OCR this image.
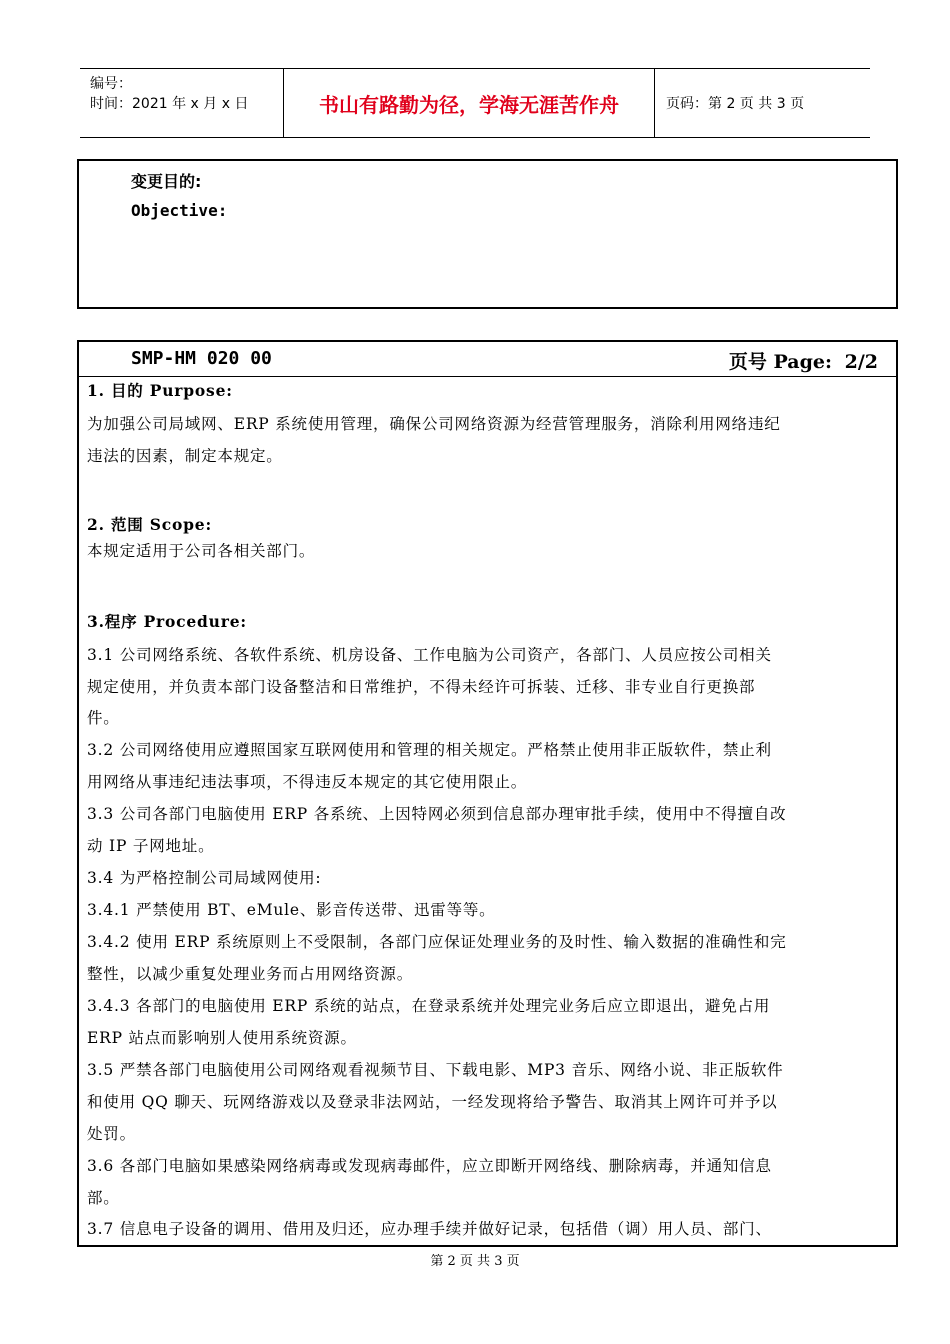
编号：
时间：2021 年 x 月 x 日	书山有路勤为径，学海无涯苦作舟	页码：第 2 页 共 3 页
变更目的:
Objective:
SMP-HM 020 00	页号 Page: 2/2
1. 目的 Purpose:
为加强公司局域网、ERP 系统使用管理，确保公司网络资源为经营管理服务，消除利用网络违纪
违法的因素，制定本规定。
2. 范围 Scope:
本规定适用于公司各相关部门。
3.程序 Procedure:
3.1 公司网络系统、各软件系统、机房设备、工作电脑为公司资产，各部门、人员应按公司相关
规定使用，并负责本部门设备整洁和日常维护，不得未经许可拆装、迁移、非专业自行更换部
件。
3.2 公司网络使用应遵照国家互联网使用和管理的相关规定。严格禁止使用非正版软件，禁止利
用网络从事违纪违法事项，不得违反本规定的其它使用限止。
3.3 公司各部门电脑使用 ERP 各系统、上因特网必须到信息部办理审批手续，使用中不得擅自改
动 IP 子网地址。
3.4 为严格控制公司局域网使用:
3.4.1 严禁使用 BT、eMule、影音传送带、迅雷等等。
3.4.2 使用 ERP 系统原则上不受限制，各部门应保证处理业务的及时性、输入数据的准确性和完
整性，以减少重复处理业务而占用网络资源。
3.4.3 各部门的电脑使用 ERP 系统的站点，在登录系统并处理完业务后应立即退出，避免占用
ERP 站点而影响别人使用系统资源。
3.5 严禁各部门电脑使用公司网络观看视频节目、下载电影、MP3 音乐、网络小说、非正版软件
和使用 QQ 聊天、玩网络游戏以及登录非法网站，一经发现将给予警告、取消其上网许可并予以
处罚。
3.6 各部门电脑如果感染网络病毒或发现病毒邮件，应立即断开网络线、删除病毒，并通知信息
部。
3.7 信息电子设备的调用、借用及归还，应办理手续并做好记录，包括借（调）用人员、部门、
第 2 页 共 3 页
